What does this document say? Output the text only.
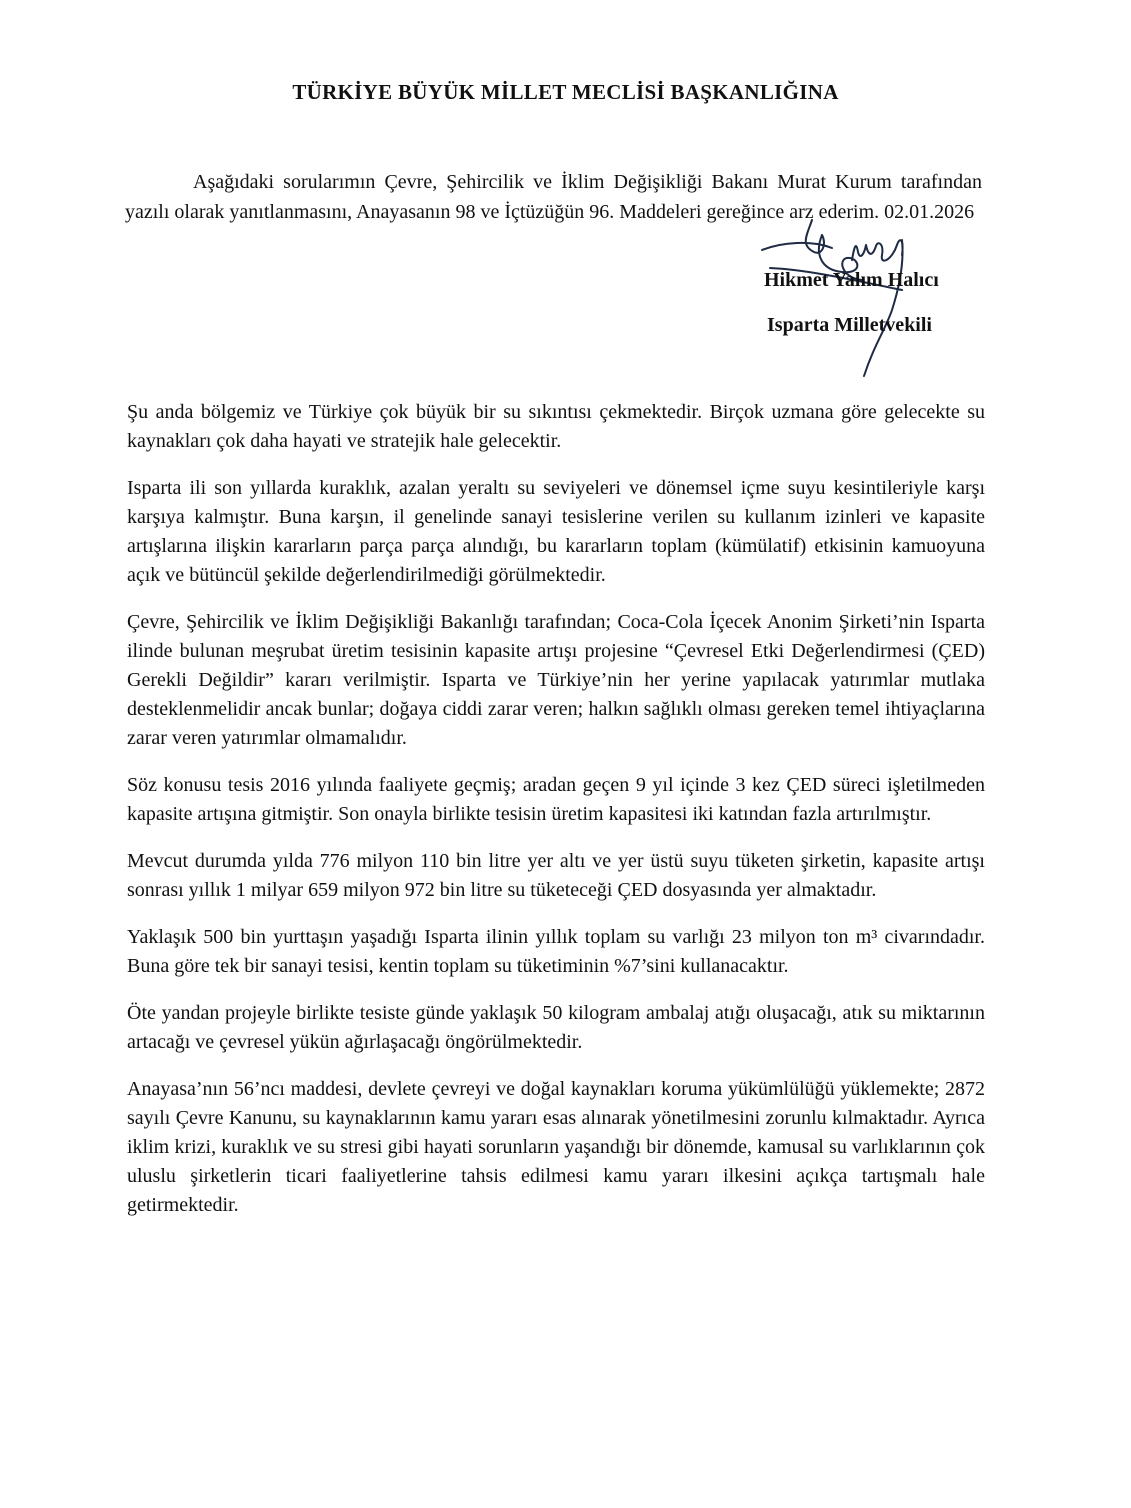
TÜRKİYE BÜYÜK MİLLET MECLİSİ BAŞKANLIĞINA

Aşağıdaki sorularımın Çevre, Şehircilik ve İklim Değişikliği Bakanı Murat Kurum tarafından yazılı olarak yanıtlanmasını, Anayasanın 98 ve İçtüzüğün 96. Maddeleri gereğince arz ederim. 02.01.2026

Hikmet Yalım Halıcı

Isparta Milletvekili

Şu anda bölgemiz ve Türkiye çok büyük bir su sıkıntısı çekmektedir. Birçok uzmana göre gelecekte su kaynakları çok daha hayati ve stratejik hale gelecektir.

Isparta ili son yıllarda kuraklık, azalan yeraltı su seviyeleri ve dönemsel içme suyu kesintileriyle karşı karşıya kalmıştır. Buna karşın, il genelinde sanayi tesislerine verilen su kullanım izinleri ve kapasite artışlarına ilişkin kararların parça parça alındığı, bu kararların toplam (kümülatif) etkisinin kamuoyuna açık ve bütüncül şekilde değerlendirilmediği görülmektedir.

Çevre, Şehircilik ve İklim Değişikliği Bakanlığı tarafından; Coca-Cola İçecek Anonim Şirketi’nin Isparta ilinde bulunan meşrubat üretim tesisinin kapasite artışı projesine “Çevresel Etki Değerlendirmesi (ÇED) Gerekli Değildir” kararı verilmiştir. Isparta ve Türkiye’nin her yerine yapılacak yatırımlar mutlaka desteklenmelidir ancak bunlar; doğaya ciddi zarar veren; halkın sağlıklı olması gereken temel ihtiyaçlarına zarar veren yatırımlar olmamalıdır.

Söz konusu tesis 2016 yılında faaliyete geçmiş; aradan geçen 9 yıl içinde 3 kez ÇED süreci işletilmeden kapasite artışına gitmiştir. Son onayla birlikte tesisin üretim kapasitesi iki katından fazla artırılmıştır.

Mevcut durumda yılda 776 milyon 110 bin litre yer altı ve yer üstü suyu tüketen şirketin, kapasite artışı sonrası yıllık 1 milyar 659 milyon 972 bin litre su tüketeceği ÇED dosyasında yer almaktadır.

Yaklaşık 500 bin yurttaşın yaşadığı Isparta ilinin yıllık toplam su varlığı 23 milyon ton m³ civarındadır. Buna göre tek bir sanayi tesisi, kentin toplam su tüketiminin %7’sini kullanacaktır.

Öte yandan projeyle birlikte tesiste günde yaklaşık 50 kilogram ambalaj atığı oluşacağı, atık su miktarının artacağı ve çevresel yükün ağırlaşacağı öngörülmektedir.

Anayasa’nın 56’ncı maddesi, devlete çevreyi ve doğal kaynakları koruma yükümlülüğü yüklemekte; 2872 sayılı Çevre Kanunu, su kaynaklarının kamu yararı esas alınarak yönetilmesini zorunlu kılmaktadır. Ayrıca iklim krizi, kuraklık ve su stresi gibi hayati sorunların yaşandığı bir dönemde, kamusal su varlıklarının çok uluslu şirketlerin ticari faaliyetlerine tahsis edilmesi kamu yararı ilkesini açıkça tartışmalı hale getirmektedir.
